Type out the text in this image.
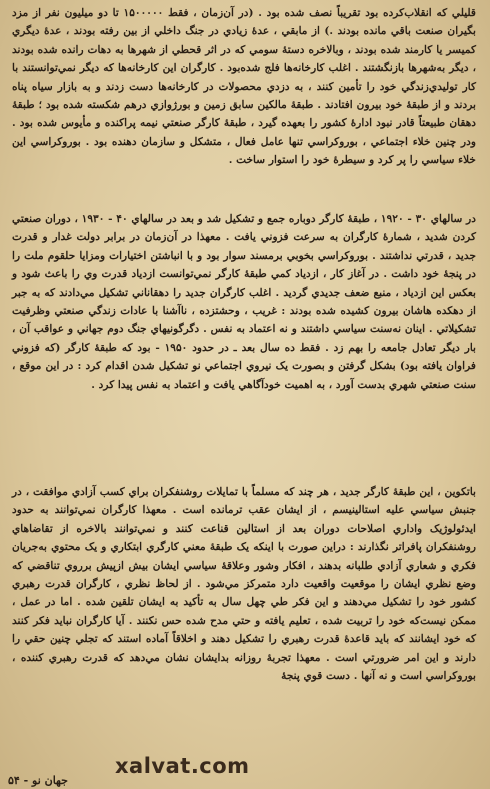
قليلي که انقلاب‌کرده بود تقريباً نصف شده بود . (در آن‌زمان ، فقط ۱۵۰۰۰۰۰ تا دو ميليون نفر از مزد بگيران صنعت باقي مانده بودند .) از مابقي ، عدهٔ زيادي در جنگ داخلي از بين رفته بودند ، عدهٔ ديگري کميسر يا کارمند شده بودند ، وبالاخره دستهٔ سومي که در اثر قحطي از شهرها به دهات رانده شده بودند ، ديگر به‌شهرها بازنگشتند . اغلب کارخانه‌ها فلج شده‌بود . کارگران اين کارخانه‌ها که ديگر نمي‌توانستند با کار توليدي‌زندگي خود را تأمين کنند ، به دزدي محصولات در کارخانه‌ها دست زدند و به بازار سياه پناه بردند و از طبقهٔ خود بيرون افتادند . طبقهٔ مالکين سابق زمين و بورژوازي درهم شکسته شده بود ؛ طبقهٔ دهقان طبيعتاً قادر نبود ادارهٔ کشور را بعهده گيرد ، طبقهٔ کارگر صنعتي نيمه پراکنده و مأيوس شده بود . ودر چنين خلاء اجتماعي ، بوروکراسي تنها عامل فعال ، متشکل و سازمان دهنده بود . بوروکراسي اين خلاء سياسي را پر کرد و سيطرهٔ خود را استوار ساخت .

در سالهاي ۳۰ - ۱۹۲۰ ، طبقهٔ کارگر دوباره جمع و تشکيل شد و بعد در سالهاي ۴۰ - ۱۹۳۰ ، دوران صنعتي کردن شديد ، شمارهٔ کارگران به سرعت فزوني يافت . معهذا در آن‌زمان در برابر دولت غدار و قدرت جديد ، قدرتي نداشتند . بوروکراسي بخوبي برمسند سوار بود و با انباشتن اختيارات ومزايا حلقوم ملت را در پنجهٔ خود داشت . در آغاز کار ، ازدياد کمي طبقهٔ کارگر نمي‌توانست ازدياد قدرت وي را باعث شود و بعکس اين ازدياد ، منبع ضعف جديدي گرديد . اغلب کارگران جديد را دهقاناني تشکيل مي‌دادند که به‌ جبر از دهکده هاشان بيرون کشيده شده بودند : غريب ، وحشتزده ، ناآشنا با عادات زندگي صنعتي وظرفيت تشکيلاتي . اينان نه‌سنت سياسي داشتند و نه اعتماد به‌ نفس . دگرگونيهاي جنگ دوم جهاني و عواقب آن ، بار ديگر تعادل جامعه را بهم زد . فقط ده سال بعد ـ در حدود ۱۹۵۰ - بود که طبقهٔ کارگر (که فزوني فراوان يافته بود) بشکل گرفتن و بصورت يک نيروي اجتماعي نو تشکيل شدن اقدام کرد : در اين موقع ، سنت صنعتي شهري بدست آورد ، به اهميت خودآگاهي يافت و اعتماد به نفس پيدا کرد .

باتکوين ، اين طبقهٔ کارگر جديد ، هر چند که مسلماً با تمايلات روشنفکران براي کسب آزادي موافقت ، در جنبش سياسي عليه استالينيسم ، از ايشان عقب ترمانده است . معهذا کارگران نمي‌توانند به حدود ايدئولوژيک واداري اصلاحات دوران بعد از استالين قناعت کنند و نمي‌توانند بالاخره از تقاضاهاي روشنفکران پافراتر نگذارند : دراين صورت با اينکه يک طبقهٔ معني کارگري ابتکاري و يک محتوي به‌جريان فکري و شعاري آزادي طلبانه بدهند ، افکار وشور وعلاقهٔ سياسي ايشان بيش ازپيش برروي تناقضي که وضع نظري ايشان را موقعيت واقعيت دارد متمرکز مي‌شود . از لحاظ نظري ، کارگران قدرت رهبري کشور خود را تشکيل مي‌دهند و اين فکر طي چهل سال به تأکيد به ايشان تلقين شده . اما در عمل ، ممکن نيست‌که خود را تربيت شده ، تعليم يافته و حتي مدح شده حس نکنند . آيا کارگران نبايد فکر کنند که خود ايشانند که بايد قاعدهٔ قدرت رهبري را تشکيل دهند و اخلاقاً آماده استند که تجلي چنين حقي را دارند و اين امر ضرورتي است . معهذا تجربهٔ روزانه بدايشان نشان مي‌دهد که قدرت رهبري کننده ، بوروکراسي است و نه آنها . دست قوي پنجهٔ

جهان نو - ۵۴
xalvat.com
